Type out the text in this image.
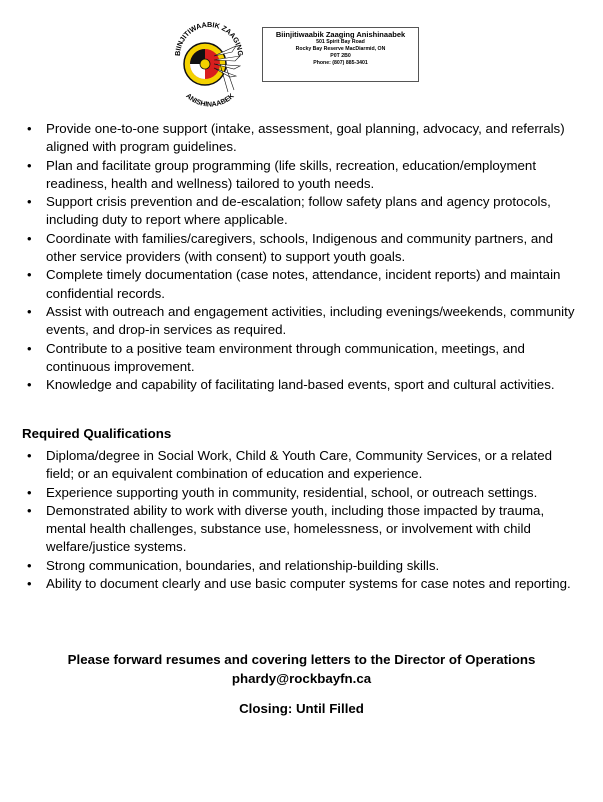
BIINJITIWAABIK ZAAGING
ANISHINAABEK
Biinjitiwaabik Zaaging Anishinaabek
501 Spirit Bay Road
Rocky Bay Reserve MacDiarmid, ON
P0T 2B0
Phone: (807) 885-3401
• Provide one-to-one support (intake, assessment, goal planning, advocacy, and referrals) aligned with program guidelines.
• Plan and facilitate group programming (life skills, recreation, education/employment readiness, health and wellness) tailored to youth needs.
• Support crisis prevention and de-escalation; follow safety plans and agency protocols, including duty to report where applicable.
• Coordinate with families/caregivers, schools, Indigenous and community partners, and other service providers (with consent) to support youth goals.
• Complete timely documentation (case notes, attendance, incident reports) and maintain confidential records.
• Assist with outreach and engagement activities, including evenings/weekends, community events, and drop-in services as required.
• Contribute to a positive team environment through communication, meetings, and continuous improvement.
• Knowledge and capability of facilitating land-based events, sport and cultural activities.
Required Qualifications
• Diploma/degree in Social Work, Child & Youth Care, Community Services, or a related field; or an equivalent combination of education and experience.
• Experience supporting youth in community, residential, school, or outreach settings.
• Demonstrated ability to work with diverse youth, including those impacted by trauma, mental health challenges, substance use, homelessness, or involvement with child welfare/justice systems.
• Strong communication, boundaries, and relationship-building skills.
• Ability to document clearly and use basic computer systems for case notes and reporting.
Please forward resumes and covering letters to the Director of Operations
phardy@rockbayfn.ca
Closing: Until Filled
